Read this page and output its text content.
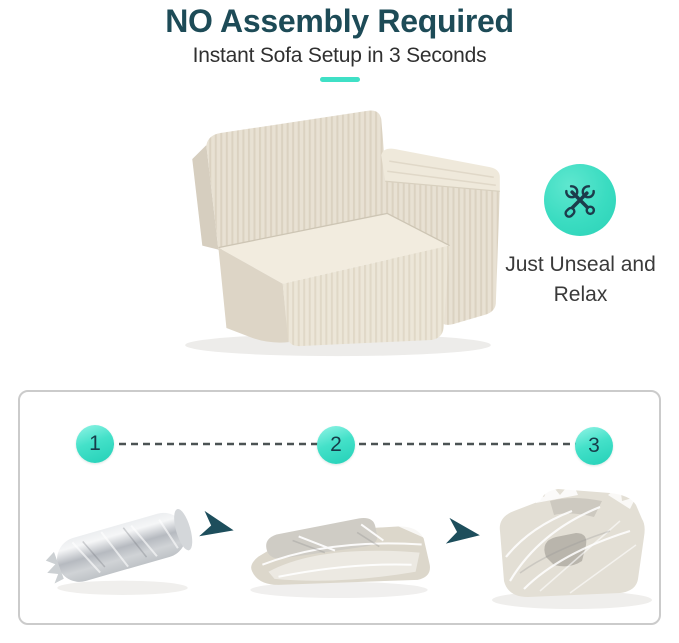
NO Assembly Required

Instant Sofa Setup in 3 Seconds

Just Unseal and Relax
1	2	3
